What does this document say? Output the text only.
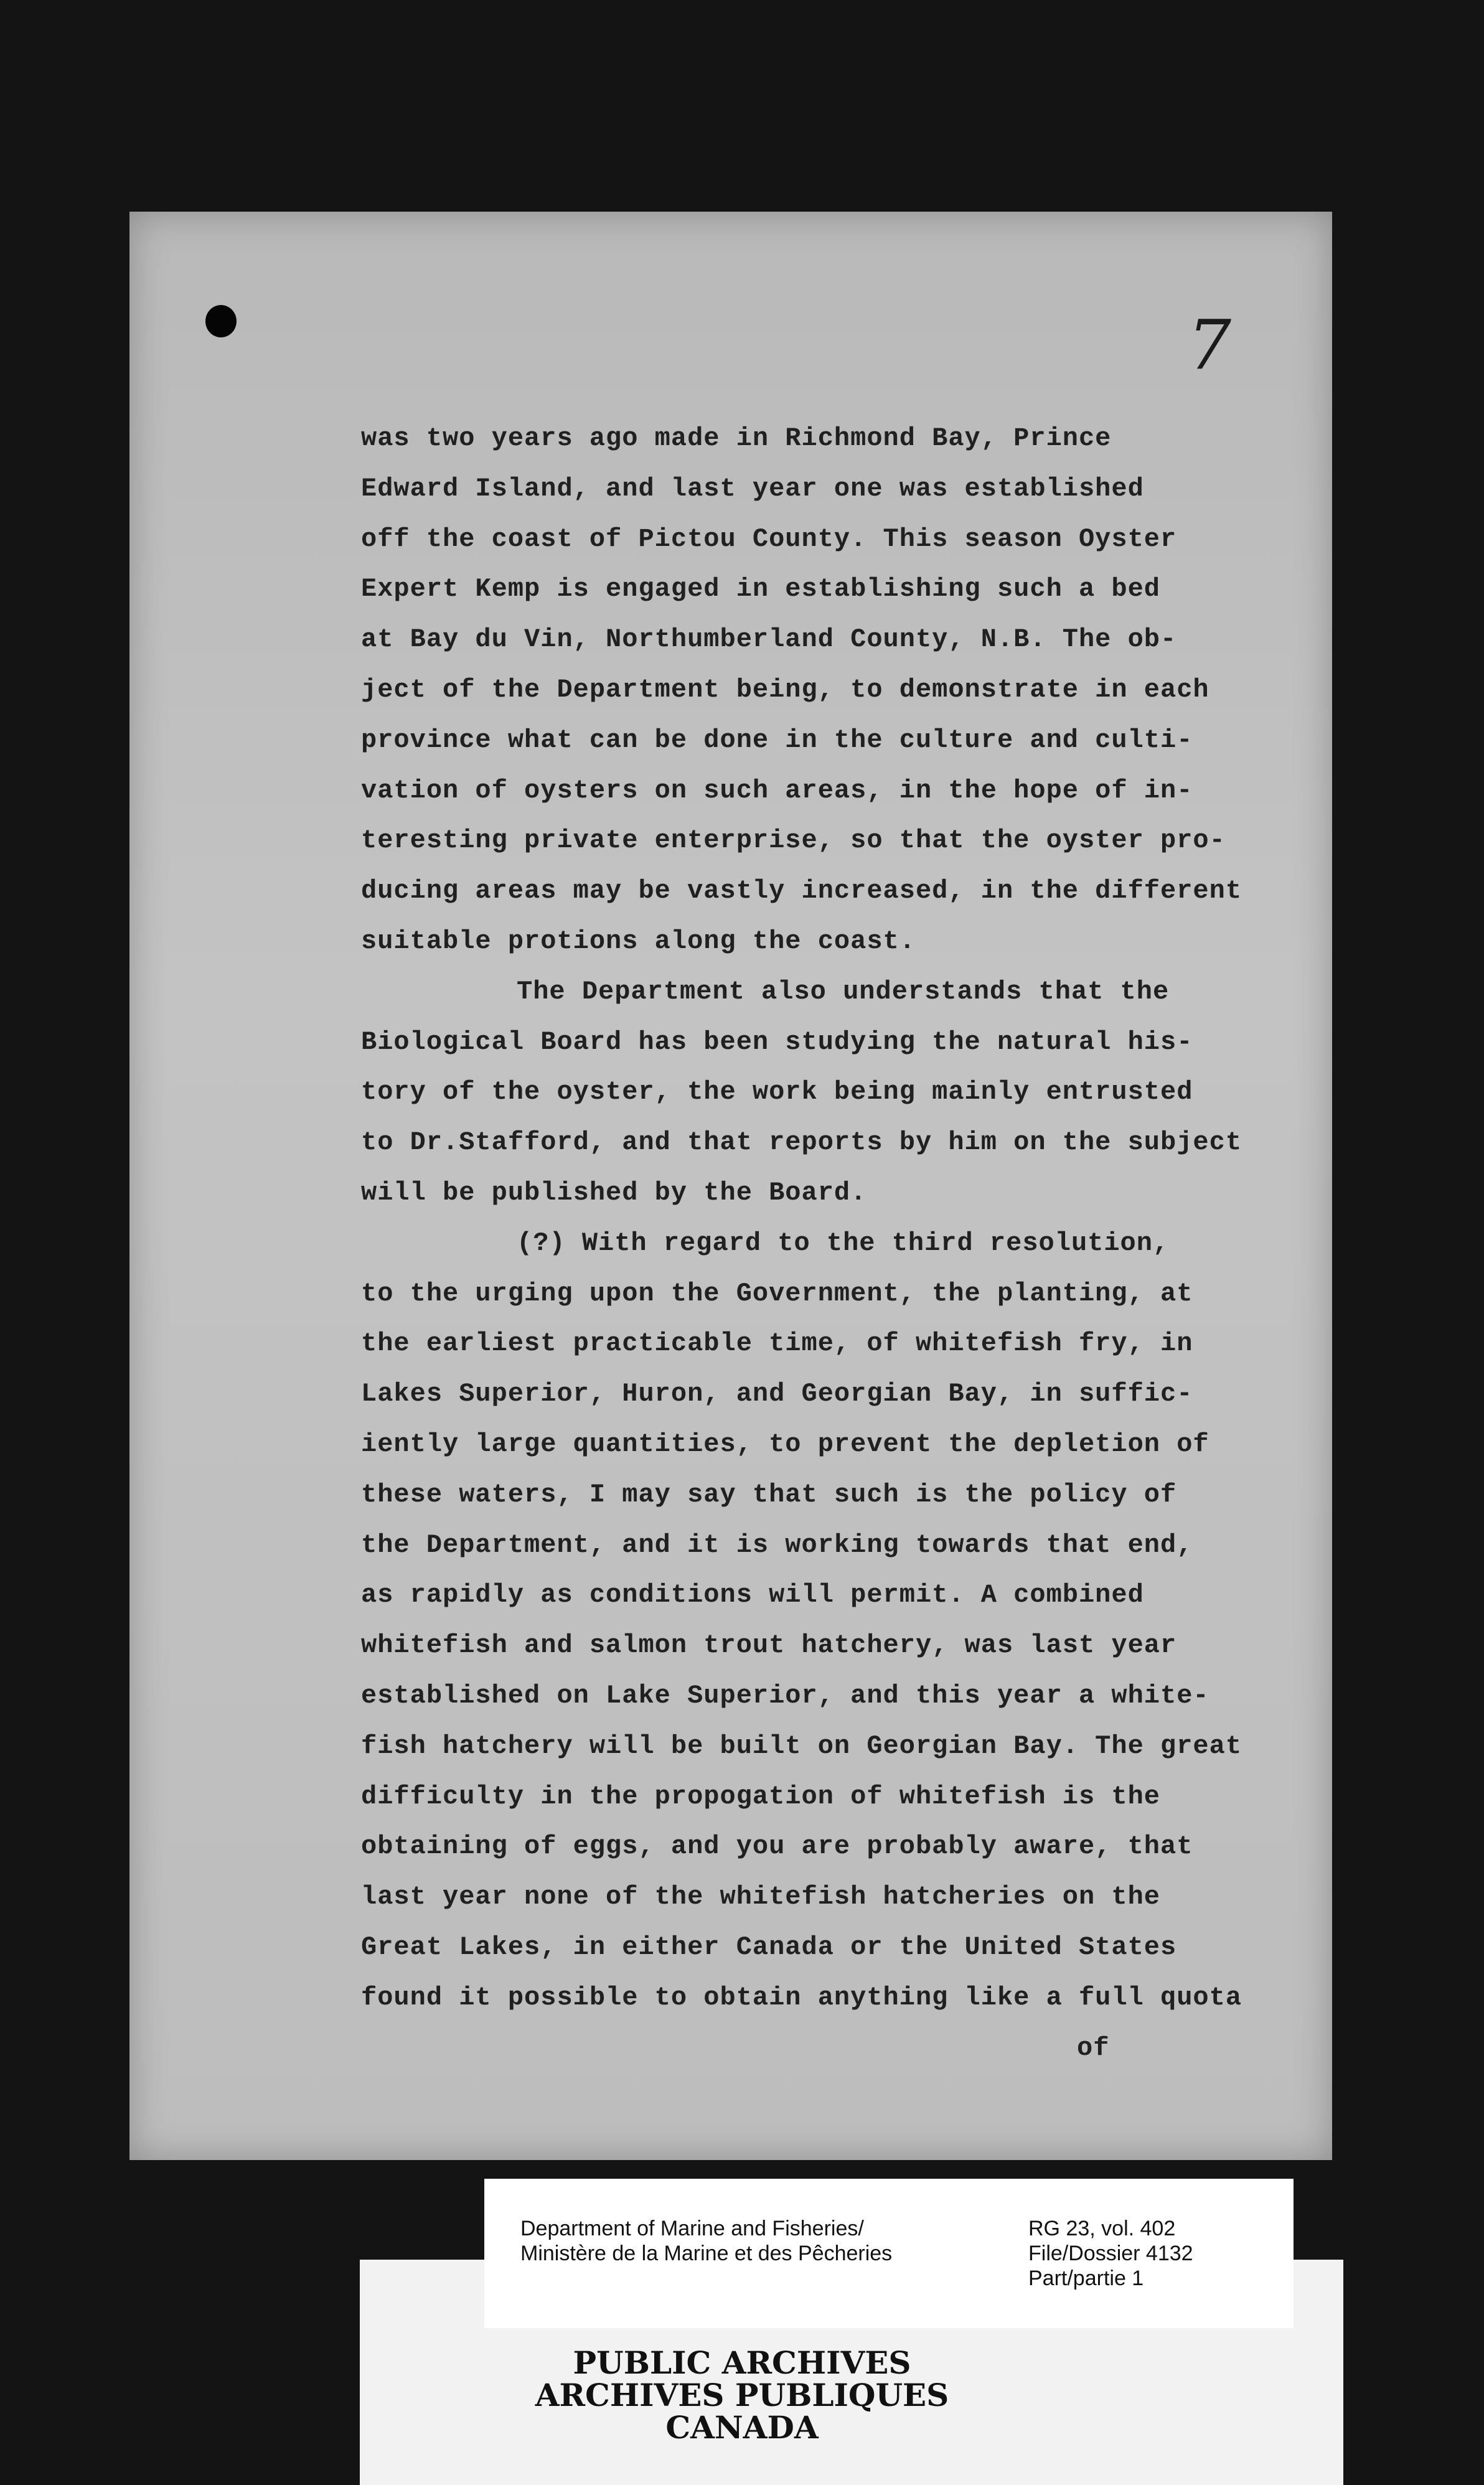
7
was two years ago made in Richmond Bay, Prince
Edward Island, and last year one was established
off the coast of Pictou County. This season Oyster
Expert Kemp is engaged in establishing such a bed
at Bay du Vin, Northumberland County, N.B. The ob-
ject of the Department being, to demonstrate in each
province what can be done in the culture and culti-
vation of oysters on such areas, in the hope of in-
teresting private enterprise, so that the oyster pro-
ducing areas may be vastly increased, in the different
suitable protions along the coast.
The Department also understands that the
Biological Board has been studying the natural his-
tory of the oyster, the work being mainly entrusted
to Dr.Stafford, and that reports by him on the subject
will be published by the Board.
(?) With regard to the third resolution,
to the urging upon the Government, the planting, at
the earliest practicable time, of whitefish fry, in
Lakes Superior, Huron, and Georgian Bay, in suffic-
iently large quantities, to prevent the depletion of
these waters, I may say that such is the policy of
the Department, and it is working towards that end,
as rapidly as conditions will permit. A combined
whitefish and salmon trout hatchery, was last year
established on Lake Superior, and this year a white-
fish hatchery will be built on Georgian Bay. The great
difficulty in the propogation of whitefish is the
obtaining of eggs, and you are probably aware, that
last year none of the whitefish hatcheries on the
Great Lakes, in either Canada or the United States
found it possible to obtain anything like a full quota
of
Department of Marine and Fisheries/
Ministère de la Marine et des Pêcheries
RG 23, vol. 402
File/Dossier 4132
Part/partie 1
PUBLIC ARCHIVES
ARCHIVES PUBLIQUES
CANADA
